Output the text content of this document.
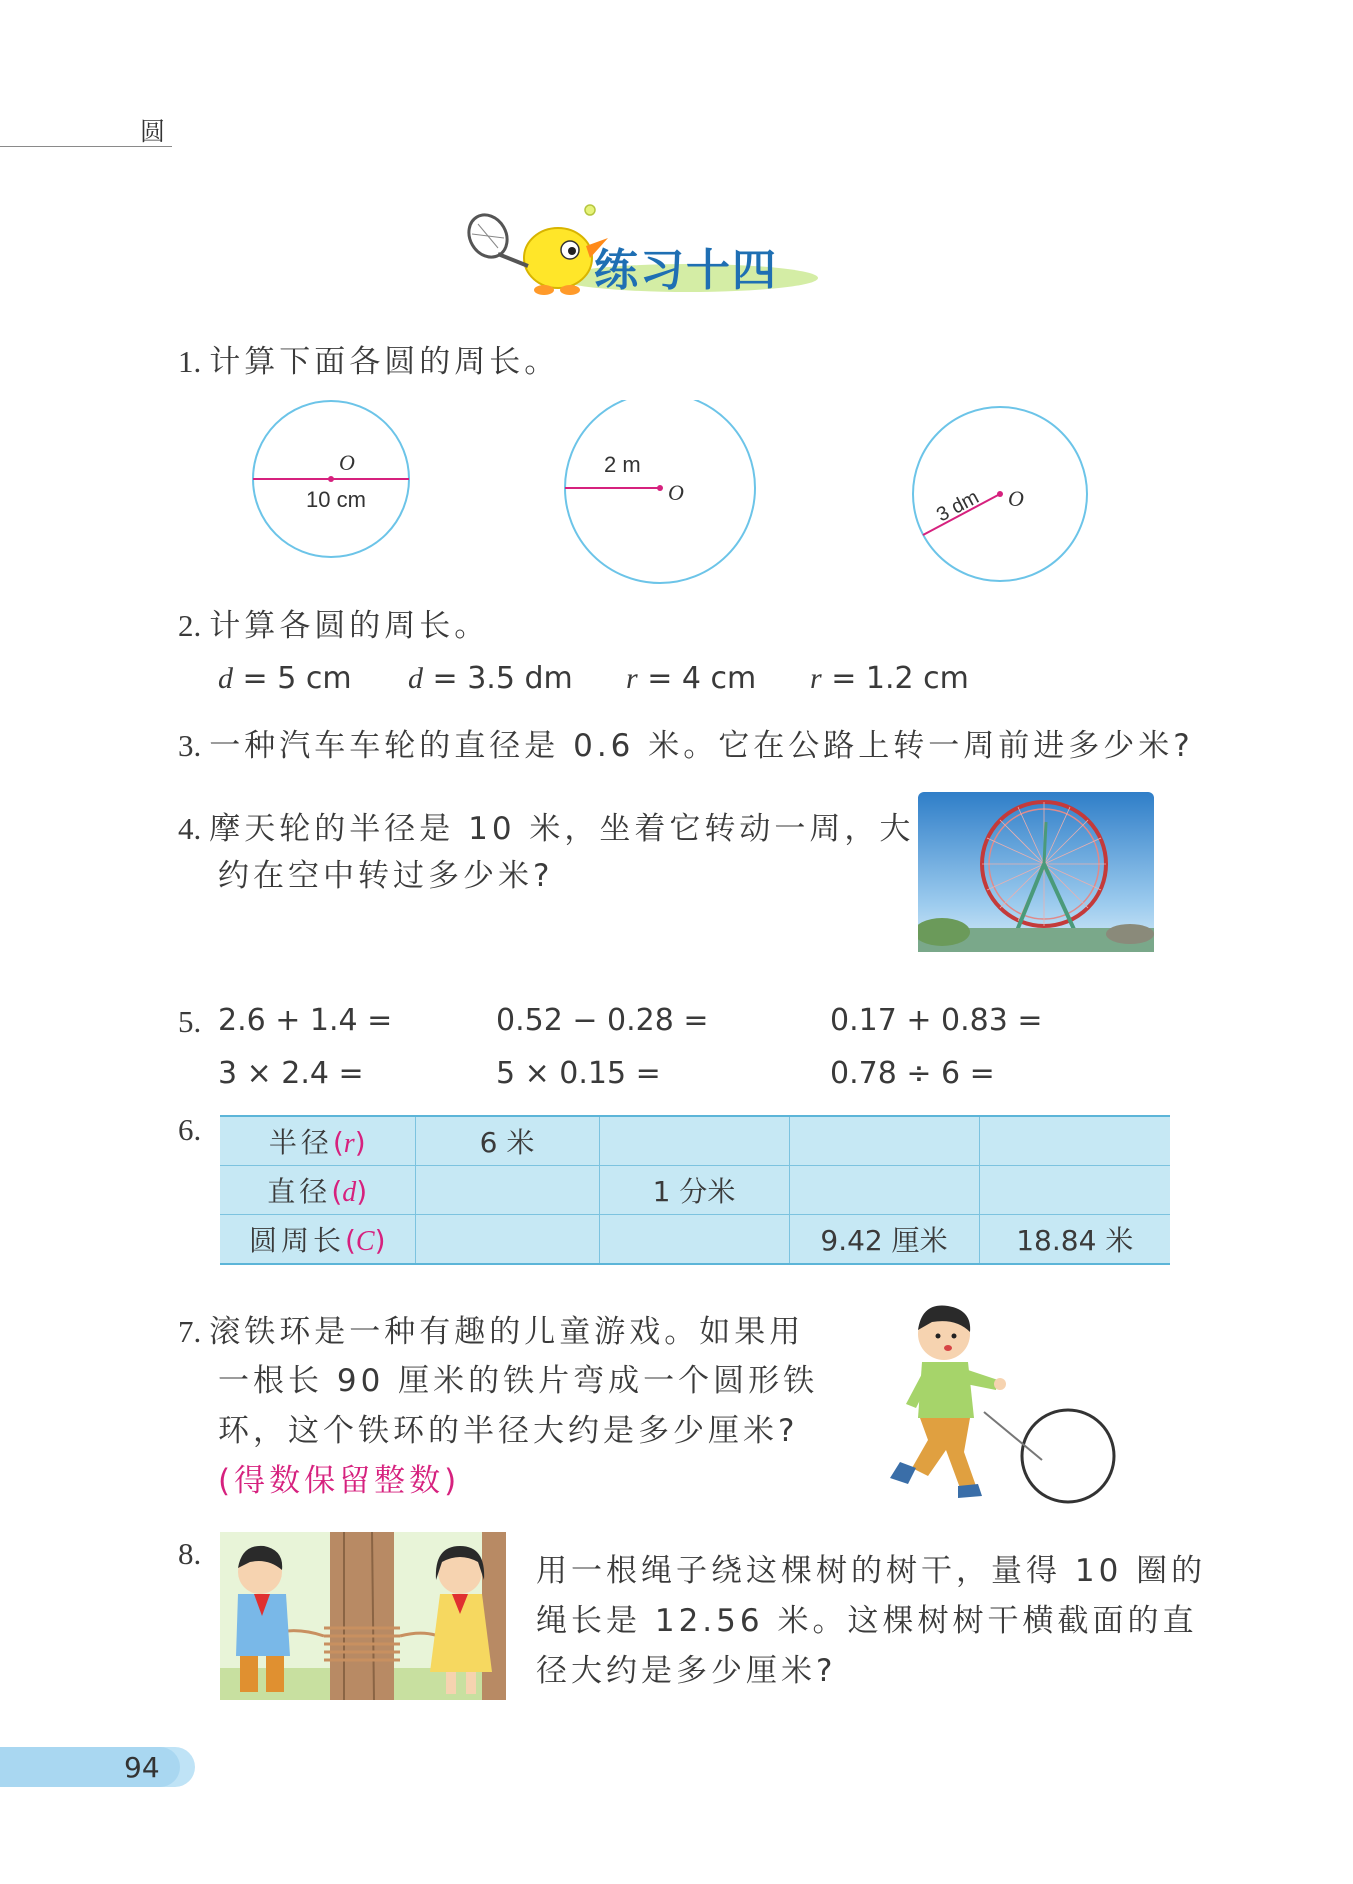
圆
练习十四
1. 计算下面各圆的周长。
O
10 cm	O
2 m
O
3 dm
2. 计算各圆的周长。
d = 5 cm d = 3.5 dm r = 4 cm r = 1.2 cm
3. 一种汽车车轮的直径是 0.6 米。它在公路上转一周前进多少米?
4. 摩天轮的半径是 10 米，坐着它转动一周，大
约在空中转过多少米?
5. 2.6 + 1.4 =	0.52 − 0.28 =	0.17 + 0.83 =
3 × 2.4 =	5 × 0.15 =	0.78 ÷ 6 =
6. 半径(r)	6 米			
直径(d)		1 分米		
圆周长(C)			9.42 厘米	18.84 米
7. 滚铁环是一种有趣的儿童游戏。如果用
一根长 90 厘米的铁片弯成一个圆形铁
环，这个铁环的半径大约是多少厘米?
(得数保留整数)
8.	用一根绳子绕这棵树的树干，量得 10 圈的
绳长是 12.56 米。这棵树树干横截面的直
径大约是多少厘米?
94
